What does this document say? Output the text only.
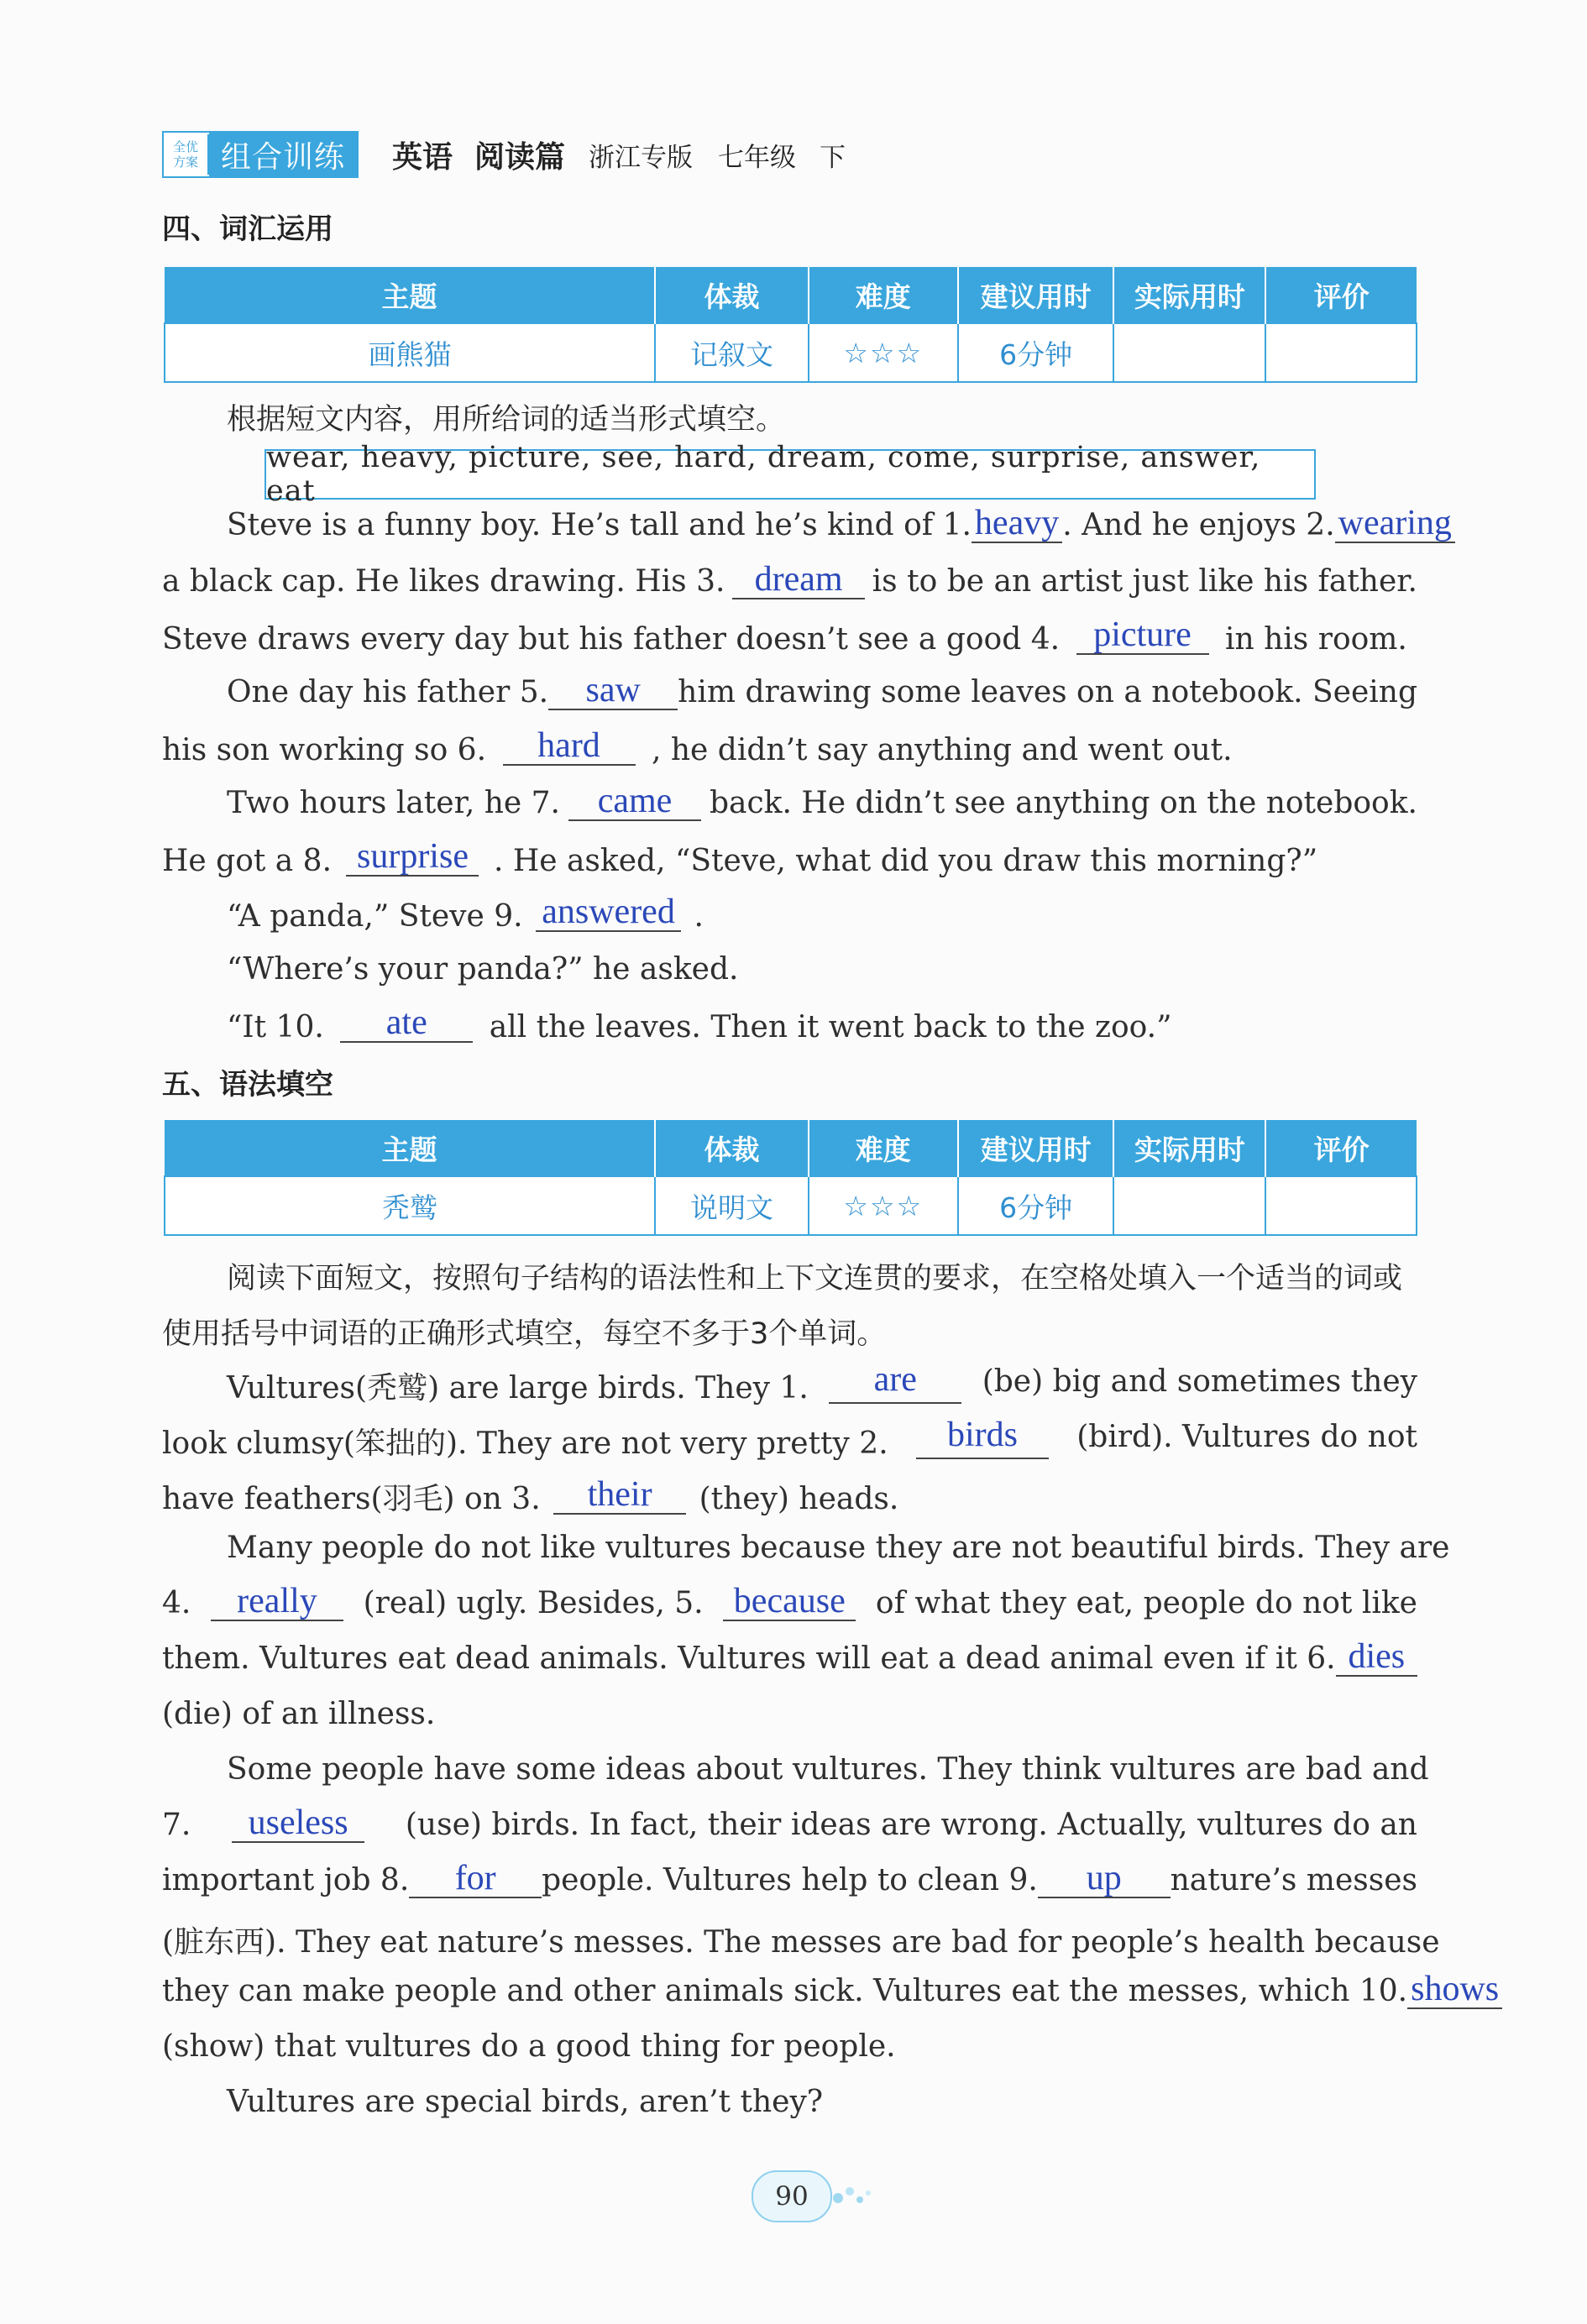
全优
方案 组合训练	英语 阅读篇 浙江专版 七年级 下
四、词汇运用
主题	体裁	难度	建议用时	实际用时	评价
画熊猫	记叙文	☆☆☆	6分钟		
根据短文内容，用所给词的适当形式填空。
wear, heavy, picture, see, hard, dream, come, surprise, answer, eat
Steve is a funny boy. He’s tall and he’s kind of 1. heavy . And he enjoys 2. wearing
a black cap. He likes drawing. His 3. dream is to be an artist just like his father.
Steve draws every day but his father doesn’t see a good 4. picture in his room.
One day his father 5.	saw	him drawing some leaves on a notebook. Seeing
his son working so 6. hard , he didn’t say anything and went out.
Two hours later, he 7.	came	back. He didn’t see anything on the notebook.
He got a 8. surprise . He asked, “Steve, what did you draw this morning?”
“A panda,” Steve 9. answered .
“Where’s your panda?” he asked.
“It 10. ate all the leaves. Then it went back to the zoo.”
五、语法填空
主题	体裁	难度	建议用时	实际用时	评价
秃鹫	说明文	☆☆☆	6分钟		
阅读下面短文，按照句子结构的语法性和上下文连贯的要求，在空格处填入一个适当的词或使用括号中词语的正确形式填空，每空不多于3个单词。
Vultures(秃鹫) are large birds. They 1.	are	(be) big and sometimes they
look clumsy(笨拙的). They are not very pretty 2.	birds	(bird). Vultures do not
have feathers(羽毛) on 3. their (they) heads.
Many people do not like vultures because they are not beautiful birds. They are
4.	really	(real) ugly. Besides, 5. because	of what they eat, people do not like
them. Vultures eat dead animals. Vultures will eat a dead animal even if it 6. dies
(die) of an illness.
Some people have some ideas about vultures. They think vultures are bad and
7.	useless	(use) birds. In fact, their ideas are wrong. Actually, vultures do an
important job 8.	for	people. Vultures help to clean 9.	up	nature’s messes
(脏东西). They eat nature’s messes. The messes are bad for people’s health because
they can make people and other animals sick. Vultures eat the messes, which 10. shows
(show) that vultures do a good thing for people.
Vultures are special birds, aren’t they?
90
